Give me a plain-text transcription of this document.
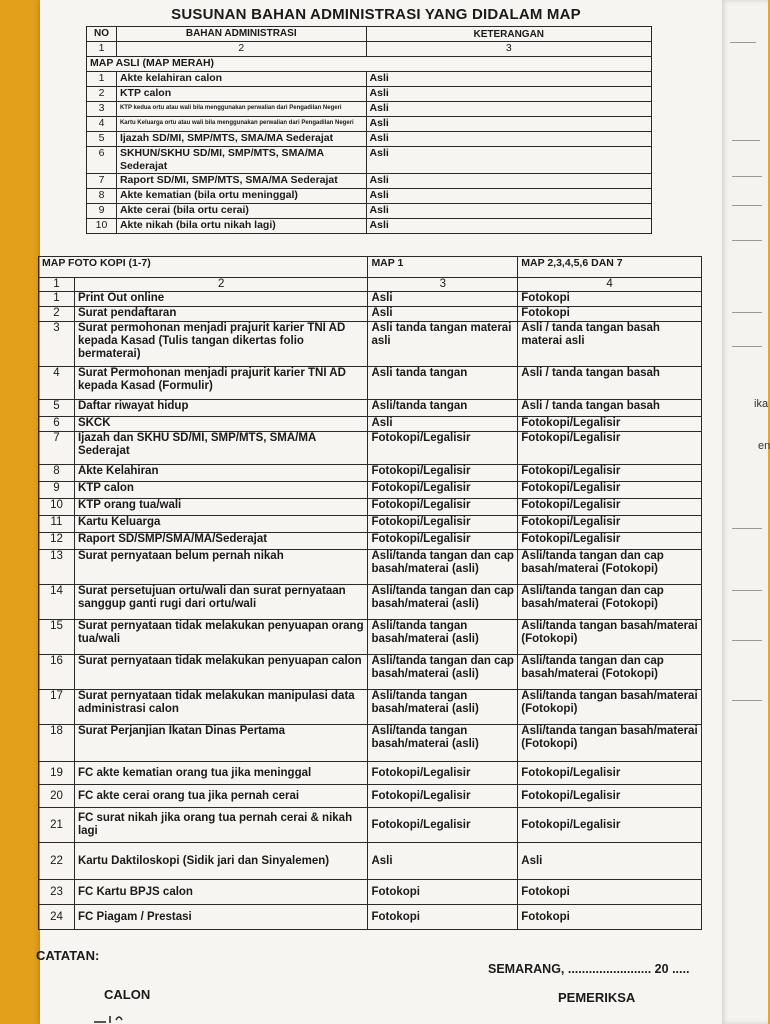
ika
en
SUSUNAN BAHAN ADMINISTRASI YANG DIDALAM MAP
NO	BAHAN ADMINISTRASI	KETERANGAN
1	2	3
MAP ASLI (MAP MERAH)		
1	Akte kelahiran calon	Asli
2	KTP calon	Asli
3	KTP kedua ortu atau wali bila menggunakan perwalian dari Pengadilan Negeri	Asli
4	Kartu Keluarga ortu atau wali bila menggunakan perwalian dari Pengadilan Negeri	Asli
5	Ijazah SD/MI, SMP/MTS, SMA/MA Sederajat	Asli
6	SKHUN/SKHU SD/MI, SMP/MTS, SMA/MA Sederajat	Asli
7	Raport SD/MI, SMP/MTS, SMA/MA Sederajat	Asli
8	Akte kematian (bila ortu meninggal)	Asli
9	Akte cerai (bila ortu cerai)	Asli
10	Akte nikah (bila ortu nikah lagi)	Asli
MAP FOTO KOPI (1-7)		MAP 1	MAP 2,3,4,5,6 DAN 7
1	2	3	4
1	Print Out online	Asli	Fotokopi
2	Surat pendaftaran	Asli	Fotokopi
3	Surat permohonan menjadi prajurit karier TNI AD kepada Kasad (Tulis tangan dikertas folio bermaterai)	Asli tanda tangan materai asli	Asli / tanda tangan basah materai asli
4	Surat Permohonan menjadi prajurit karier TNI AD kepada Kasad (Formulir)	Asli tanda tangan	Asli / tanda tangan basah
5	Daftar riwayat hidup	Asli/tanda tangan	Asli / tanda tangan basah
6	SKCK	Asli	Fotokopi/Legalisir
7	Ijazah dan SKHU SD/MI, SMP/MTS, SMA/MA Sederajat	Fotokopi/Legalisir	Fotokopi/Legalisir
8	Akte Kelahiran	Fotokopi/Legalisir	Fotokopi/Legalisir
9	KTP calon	Fotokopi/Legalisir	Fotokopi/Legalisir
10	KTP orang tua/wali	Fotokopi/Legalisir	Fotokopi/Legalisir
11	Kartu Keluarga	Fotokopi/Legalisir	Fotokopi/Legalisir
12	Raport SD/SMP/SMA/MA/Sederajat	Fotokopi/Legalisir	Fotokopi/Legalisir
13	Surat pernyataan belum pernah nikah	Asli/tanda tangan dan cap basah/materai (asli)	Asli/tanda tangan dan cap basah/materai (Fotokopi)
14	Surat persetujuan ortu/wali dan surat pernyataan sanggup ganti rugi dari ortu/wali	Asli/tanda tangan dan cap basah/materai (asli)	Asli/tanda tangan dan cap basah/materai (Fotokopi)
15	Surat pernyataan tidak melakukan penyuapan orang tua/wali	Asli/tanda tangan basah/materai (asli)	Asli/tanda tangan basah/materai (Fotokopi)
16	Surat pernyataan tidak melakukan penyuapan calon	Asli/tanda tangan dan cap basah/materai (asli)	Asli/tanda tangan dan cap basah/materai (Fotokopi)
17	Surat pernyataan tidak melakukan manipulasi data administrasi calon	Asli/tanda tangan basah/materai (asli)	Asli/tanda tangan basah/materai (Fotokopi)
18	Surat Perjanjian Ikatan Dinas Pertama	Asli/tanda tangan basah/materai (asli)	Asli/tanda tangan basah/materai (Fotokopi)
19	FC akte kematian orang tua jika meninggal	Fotokopi/Legalisir	Fotokopi/Legalisir
20	FC akte cerai orang tua jika pernah cerai	Fotokopi/Legalisir	Fotokopi/Legalisir
21	FC surat nikah jika orang tua pernah cerai & nikah lagi	Fotokopi/Legalisir	Fotokopi/Legalisir
22	Kartu Daktiloskopi (Sidik jari dan Sinyalemen)	Asli	Asli
23	FC Kartu BPJS calon	Fotokopi	Fotokopi
24	FC Piagam / Prestasi	Fotokopi	Fotokopi
CATATAN:
SEMARANG, ........................ 20 .....
CALON	PEMERIKSA
